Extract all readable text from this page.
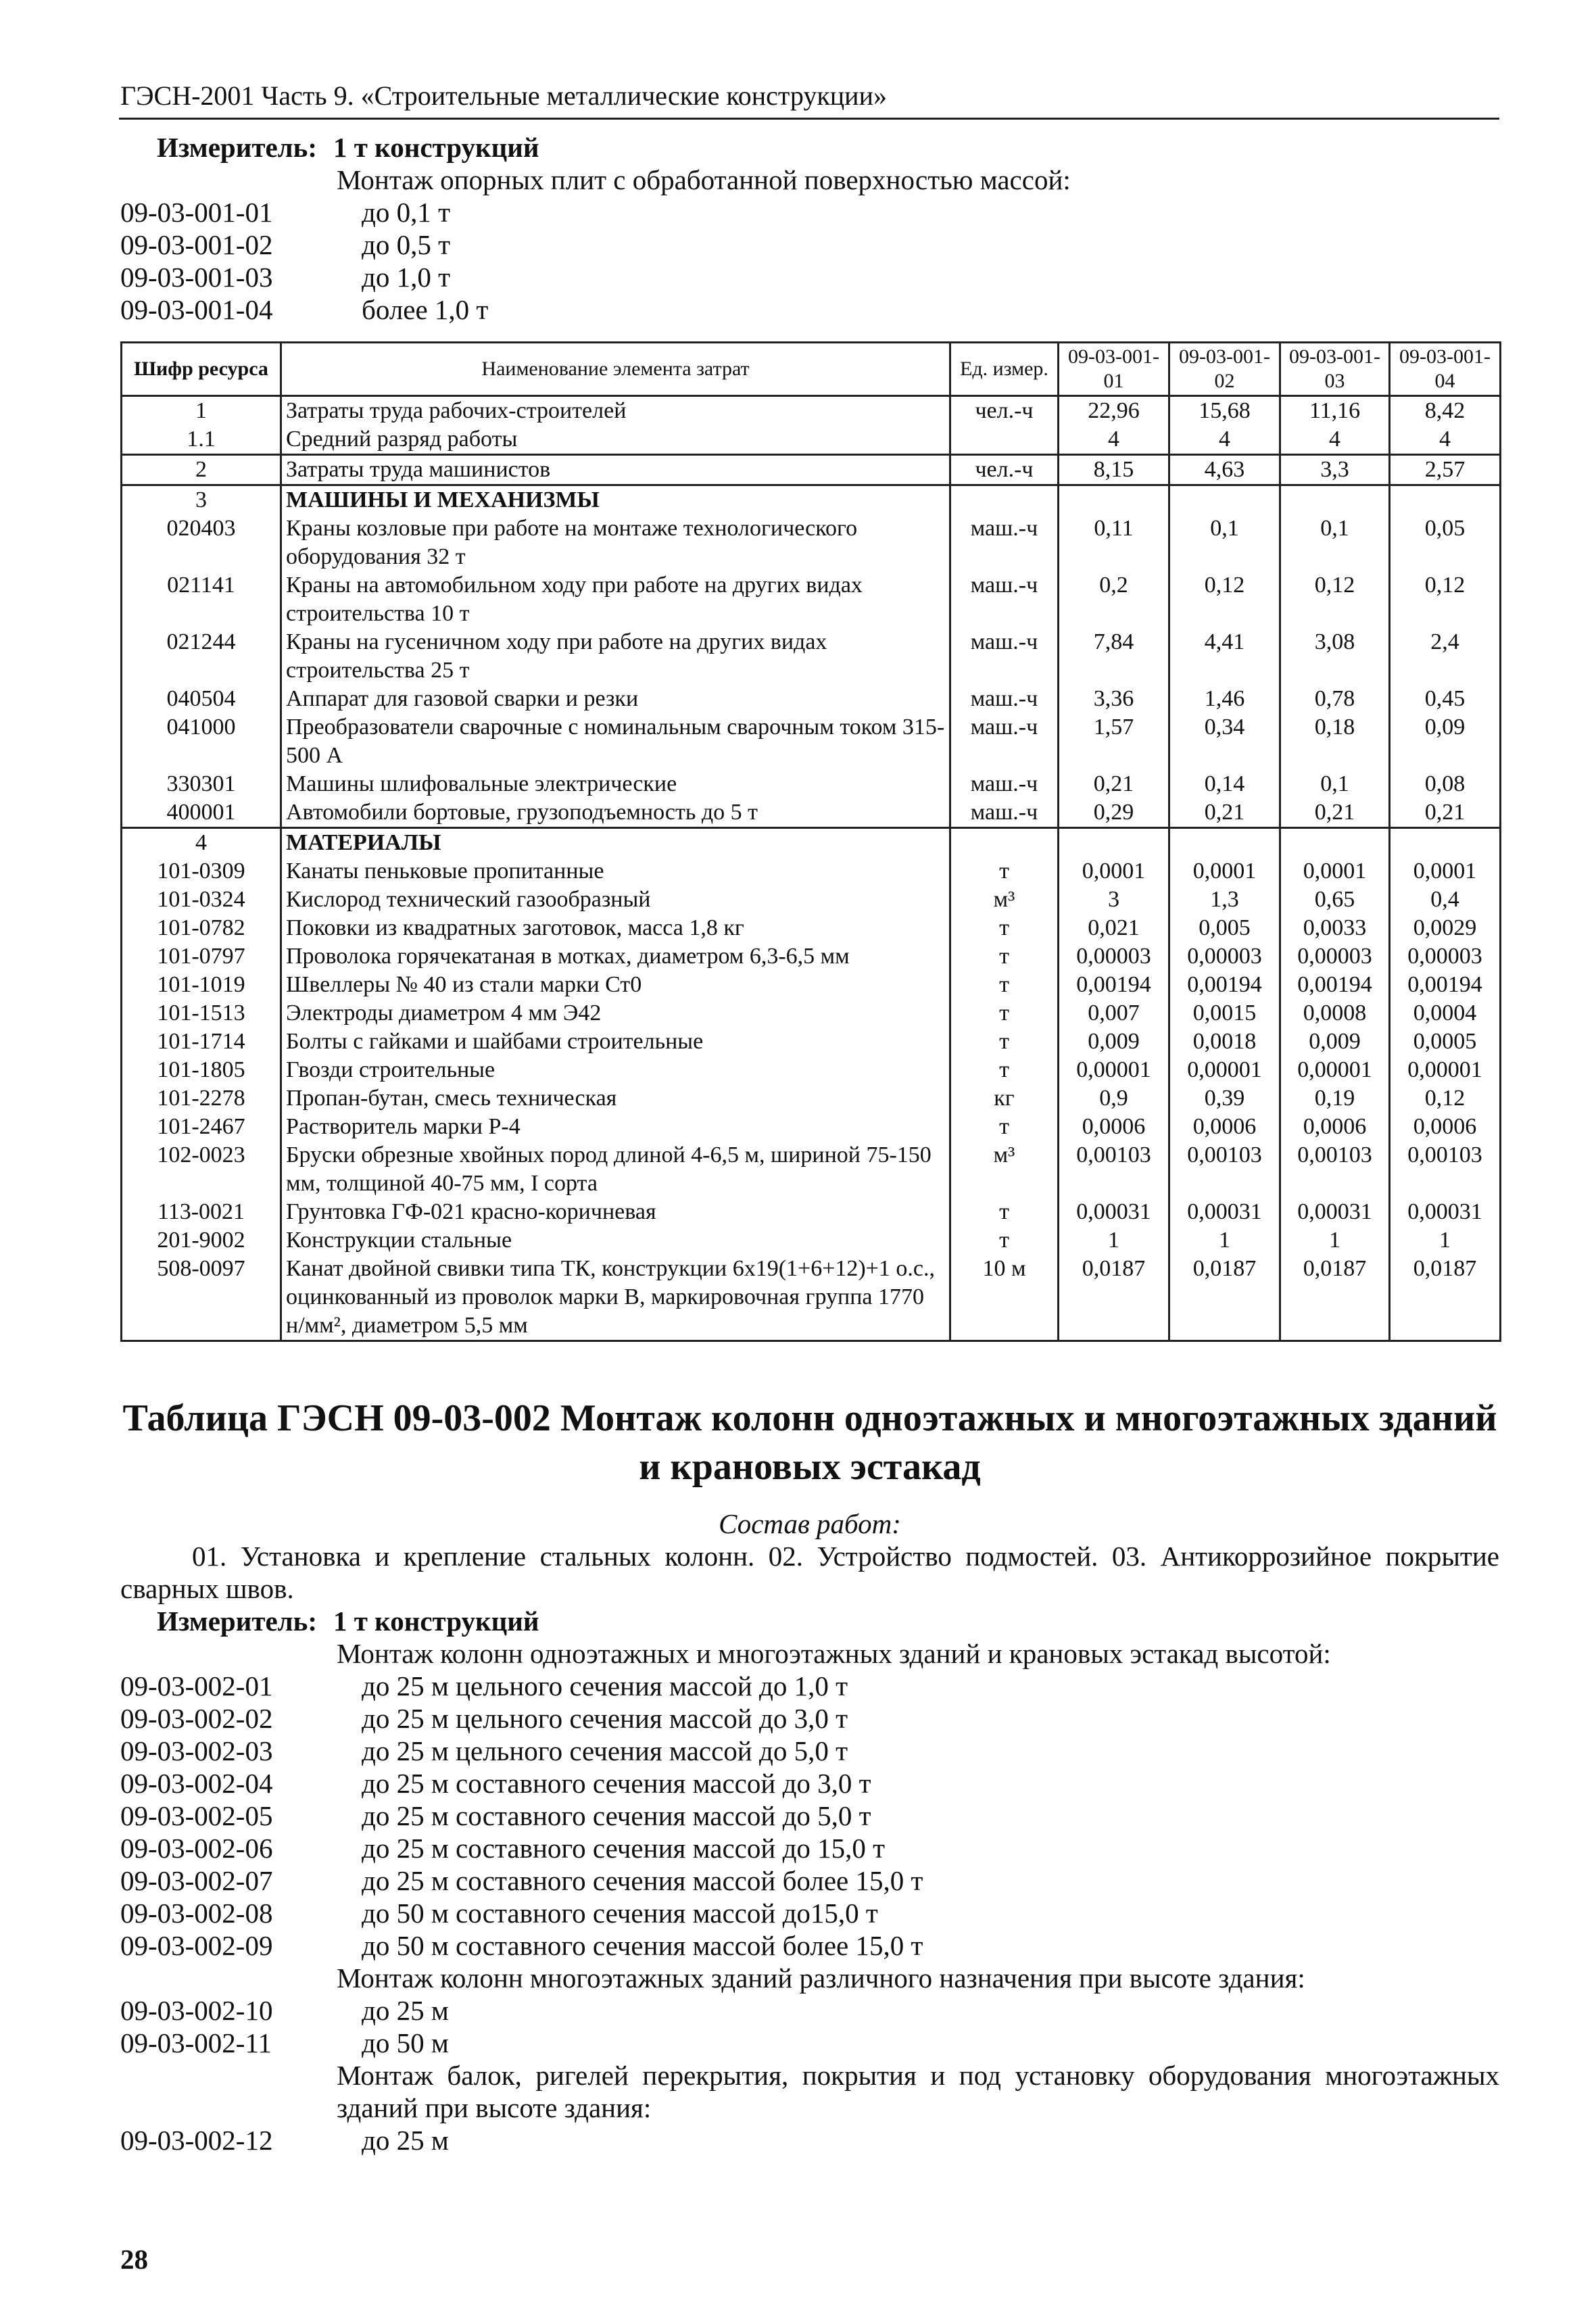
ГЭСН-2001 Часть 9. «Строительные металлические конструкции»
Измеритель: 1 т конструкций
Монтаж опорных плит с обработанной поверхностью массой:
09-03-001-01	до 0,1 т
09-03-001-02	до 0,5 т
09-03-001-03	до 1,0 т
09-03-001-04	более 1,0 т
Шифр ресурса	Наименование элемента затрат	Ед. измер.	09-03-001-01	09-03-001-02	09-03-001-03	09-03-001-04
1	Затраты труда рабочих-строителей	чел.-ч	22,96	15,68	11,16	8,42
1.1	Средний разряд работы		4	4	4	4
2	Затраты труда машинистов	чел.-ч	8,15	4,63	3,3	2,57
3	МАШИНЫ И МЕХАНИЗМЫ					
020403	Краны козловые при работе на монтаже технологического оборудования 32 т	маш.-ч	0,11	0,1	0,1	0,05
021141	Краны на автомобильном ходу при работе на других видах строительства 10 т	маш.-ч	0,2	0,12	0,12	0,12
021244	Краны на гусеничном ходу при работе на других видах строительства 25 т	маш.-ч	7,84	4,41	3,08	2,4
040504	Аппарат для газовой сварки и резки	маш.-ч	3,36	1,46	0,78	0,45
041000	Преобразователи сварочные с номинальным сварочным током 315-500 А	маш.-ч	1,57	0,34	0,18	0,09
330301	Машины шлифовальные электрические	маш.-ч	0,21	0,14	0,1	0,08
400001	Автомобили бортовые, грузоподъемность до 5 т	маш.-ч	0,29	0,21	0,21	0,21
4	МАТЕРИАЛЫ					
101-0309	Канаты пеньковые пропитанные	т	0,0001	0,0001	0,0001	0,0001
101-0324	Кислород технический газообразный	м³	3	1,3	0,65	0,4
101-0782	Поковки из квадратных заготовок, масса 1,8 кг	т	0,021	0,005	0,0033	0,0029
101-0797	Проволока горячекатаная в мотках, диаметром 6,3-6,5 мм	т	0,00003	0,00003	0,00003	0,00003
101-1019	Швеллеры № 40 из стали марки Ст0	т	0,00194	0,00194	0,00194	0,00194
101-1513	Электроды диаметром 4 мм Э42	т	0,007	0,0015	0,0008	0,0004
101-1714	Болты с гайками и шайбами строительные	т	0,009	0,0018	0,009	0,0005
101-1805	Гвозди строительные	т	0,00001	0,00001	0,00001	0,00001
101-2278	Пропан-бутан, смесь техническая	кг	0,9	0,39	0,19	0,12
101-2467	Растворитель марки Р-4	т	0,0006	0,0006	0,0006	0,0006
102-0023	Бруски обрезные хвойных пород длиной 4-6,5 м, шириной 75-150 мм, толщиной 40-75 мм, I сорта	м³	0,00103	0,00103	0,00103	0,00103
113-0021	Грунтовка ГФ-021 красно-коричневая	т	0,00031	0,00031	0,00031	0,00031
201-9002	Конструкции стальные	т	1	1	1	1
508-0097	Канат двойной свивки типа ТК, конструкции 6х19(1+6+12)+1 о.с., оцинкованный из проволок марки В, маркировочная группа 1770 н/мм², диаметром 5,5 мм	10 м	0,0187	0,0187	0,0187	0,0187
Таблица ГЭСН 09-03-002 Монтаж колонн одноэтажных и многоэтажных зданий и крановых эстакад
Состав работ:
01. Установка и крепление стальных колонн. 02. Устройство подмостей. 03. Антикоррозийное покрытие сварных швов.
Измеритель: 1 т конструкций
Монтаж колонн одноэтажных и многоэтажных зданий и крановых эстакад высотой:
09-03-002-01	до 25 м цельного сечения массой до 1,0 т
09-03-002-02	до 25 м цельного сечения массой до 3,0 т
09-03-002-03	до 25 м цельного сечения массой до 5,0 т
09-03-002-04	до 25 м составного сечения массой до 3,0 т
09-03-002-05	до 25 м составного сечения массой до 5,0 т
09-03-002-06	до 25 м составного сечения массой до 15,0 т
09-03-002-07	до 25 м составного сечения массой более 15,0 т
09-03-002-08	до 50 м составного сечения массой до15,0 т
09-03-002-09	до 50 м составного сечения массой более 15,0 т
Монтаж колонн многоэтажных зданий различного назначения при высоте здания:
09-03-002-10	до 25 м
09-03-002-11	до 50 м
Монтаж балок, ригелей перекрытия, покрытия и под установку оборудования многоэтажных зданий при высоте здания:
09-03-002-12	до 25 м
28
